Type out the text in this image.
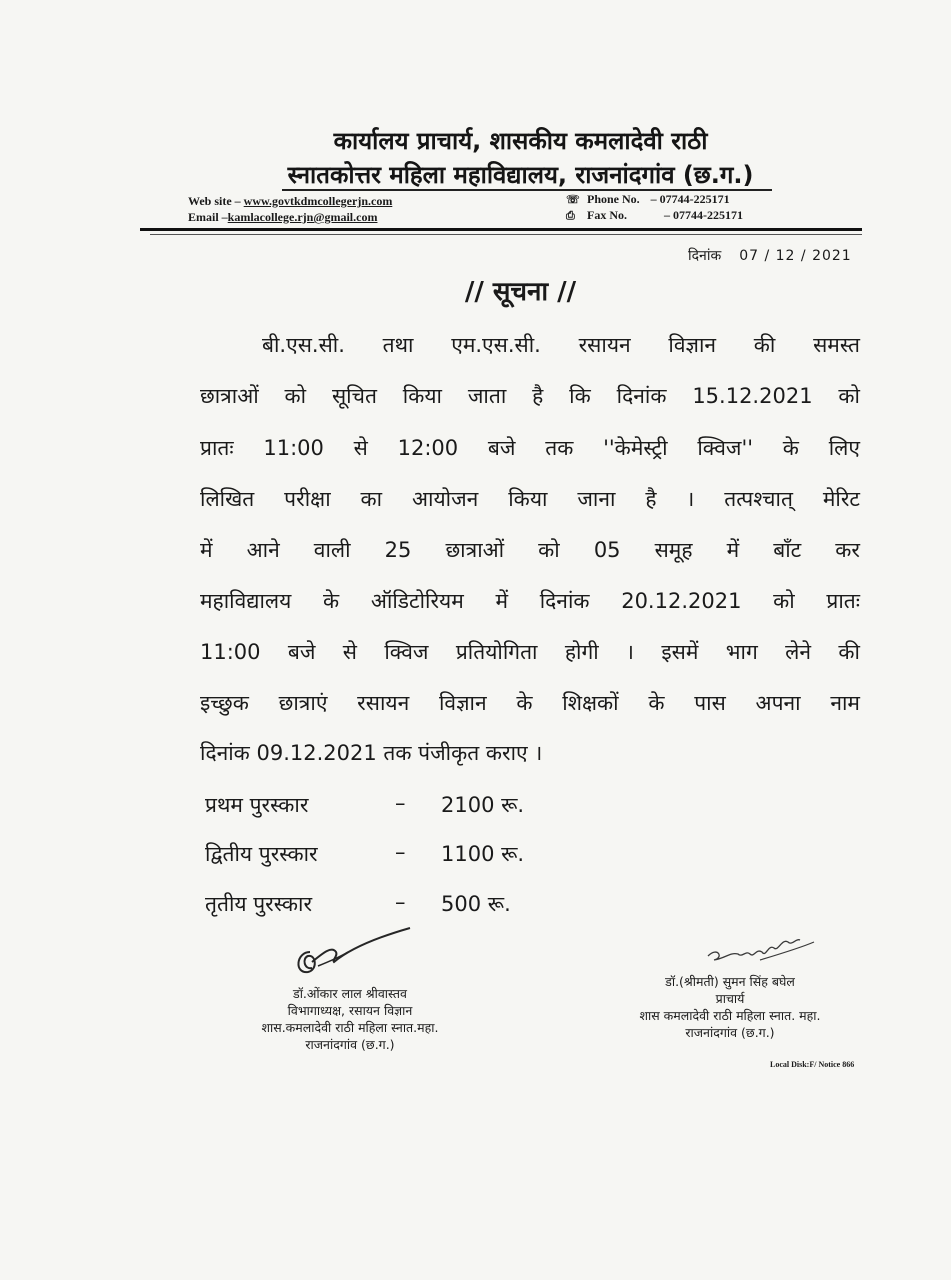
कार्यालय प्राचार्य, शासकीय कमलादेवी राठी
स्नातकोत्तर महिला महाविद्यालय, राजनांदगांव (छ.ग.)
Web site – www.govtkdmcollegerjn.com
Email –kamlacollege.rjn@gmail.com
☏ Phone No. – 07744-225171
⎙ Fax No.	– 07744-225171
दिनांक 07 / 12 / 2021
// सूचना //
बी.एस.सी. तथा एम.एस.सी. रसायन विज्ञान की समस्त
छात्राओं को सूचित किया जाता है कि दिनांक 15.12.2021 को
प्रातः 11:00 से 12:00 बजे तक ''केमेस्ट्री क्विज'' के लिए
लिखित परीक्षा का आयोजन किया जाना है । तत्पश्चात् मेरिट
में आने वाली 25 छात्राओं को 05 समूह में बाँट कर
महाविद्यालय के ऑडिटोरियम में दिनांक 20.12.2021 को प्रातः
11:00 बजे से क्विज प्रतियोगिता होगी । इसमें भाग लेने की
इच्छुक छात्राएं रसायन विज्ञान के शिक्षकों के पास अपना नाम
दिनांक 09.12.2021 तक पंजीकृत कराए ।
प्रथम पुरस्कार	– 2100 रू.
द्वितीय पुरस्कार	– 1100 रू.
तृतीय पुरस्कार	– 500 रू.
डॉ.ओंकार लाल श्रीवास्तव
विभागाध्यक्ष, रसायन विज्ञान
शास.कमलादेवी राठी महिला स्नात.महा.
राजनांदगांव (छ.ग.)
डॉ.(श्रीमती) सुमन सिंह बघेल
प्राचार्य
शास कमलादेवी राठी महिला स्नात. महा.
राजनांदगांव (छ.ग.)
Local Disk:F/ Notice 866
